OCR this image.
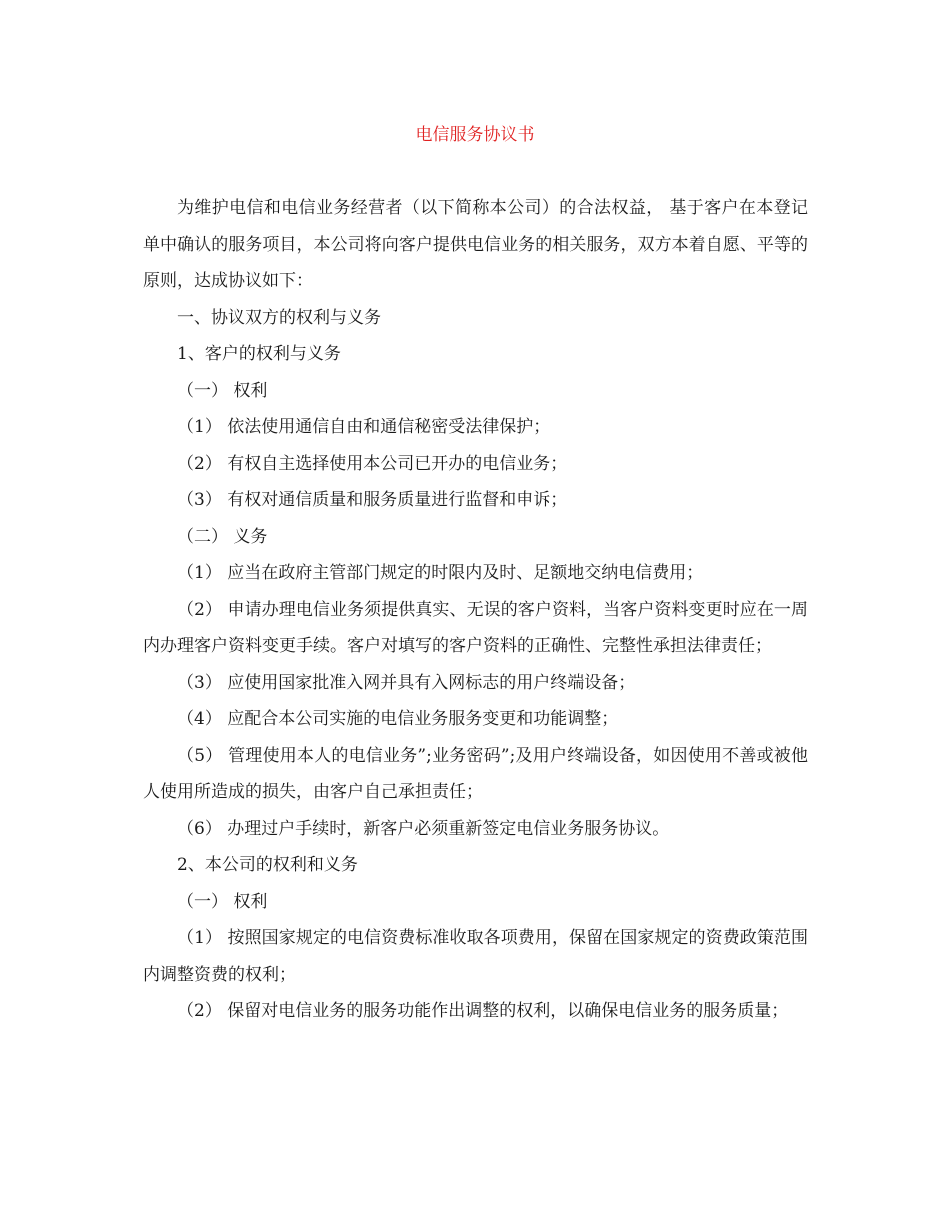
电信服务协议书

为维护电信和电信业务经营者（以下简称本公司）的合法权益， 基于客户在本登记单中确认的服务项目，本公司将向客户提供电信业务的相关服务，双方本着自愿、平等的原则，达成协议如下：

一、协议双方的权利与义务

1、客户的权利与义务

（一） 权利

（1） 依法使用通信自由和通信秘密受法律保护；

（2） 有权自主选择使用本公司已开办的电信业务；

（3） 有权对通信质量和服务质量进行监督和申诉；

（二） 义务

（1） 应当在政府主管部门规定的时限内及时、足额地交纳电信费用；

（2） 申请办理电信业务须提供真实、无误的客户资料，当客户资料变更时应在一周内办理客户资料变更手续。客户对填写的客户资料的正确性、完整性承担法律责任；

（3） 应使用国家批准入网并具有入网标志的用户终端设备；

（4） 应配合本公司实施的电信业务服务变更和功能调整；

（5） 管理使用本人的电信业务”;业务密码”;及用户终端设备，如因使用不善或被他人使用所造成的损失，由客户自己承担责任；

（6） 办理过户手续时，新客户必须重新签定电信业务服务协议。

2、本公司的权利和义务

（一） 权利

（1） 按照国家规定的电信资费标准收取各项费用，保留在国家规定的资费政策范围内调整资费的权利；

（2） 保留对电信业务的服务功能作出调整的权利，以确保电信业务的服务质量；
